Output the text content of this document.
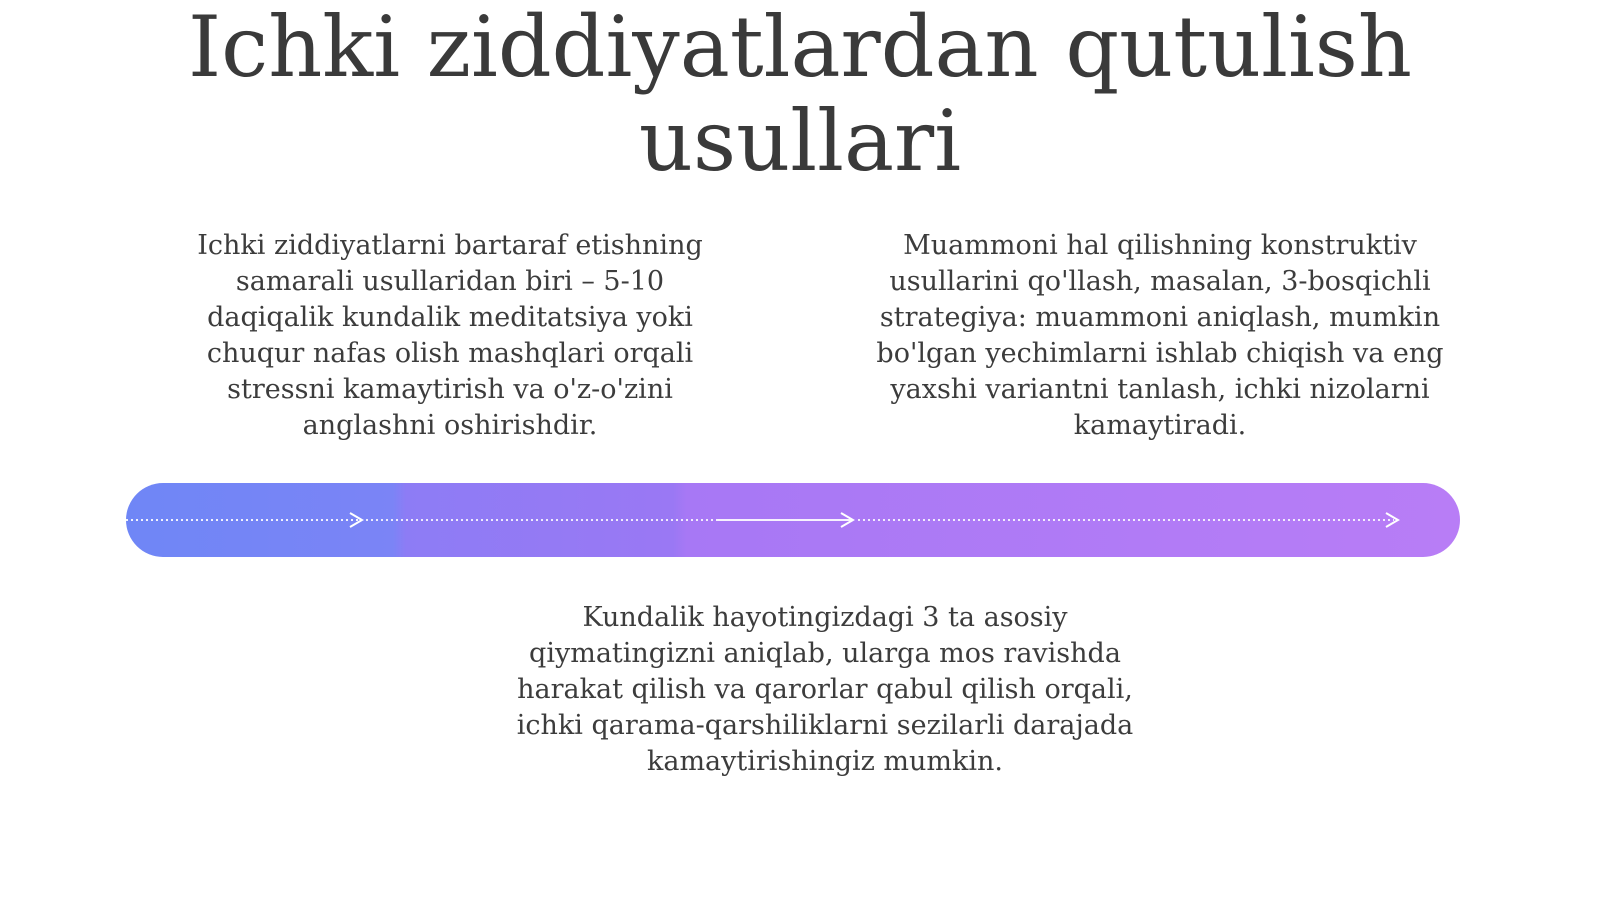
Ichki ziddiyatlardan qutulish usullari

Ichki ziddiyatlarni bartaraf etishning samarali usullaridan biri – 5-10 daqiqalik kundalik meditatsiya yoki chuqur nafas olish mashqlari orqali stressni kamaytirish va o'z-o'zini anglashni oshirishdir.

Muammoni hal qilishning konstruktiv usullarini qo'llash, masalan, 3-bosqichli strategiya: muammoni aniqlash, mumkin bo'lgan yechimlarni ishlab chiqish va eng yaxshi variantni tanlash, ichki nizolarni kamaytiradi.

Kundalik hayotingizdagi 3 ta asosiy qiymatingizni aniqlab, ularga mos ravishda harakat qilish va qarorlar qabul qilish orqali, ichki qarama-qarshiliklarni sezilarli darajada kamaytirishingiz mumkin.
